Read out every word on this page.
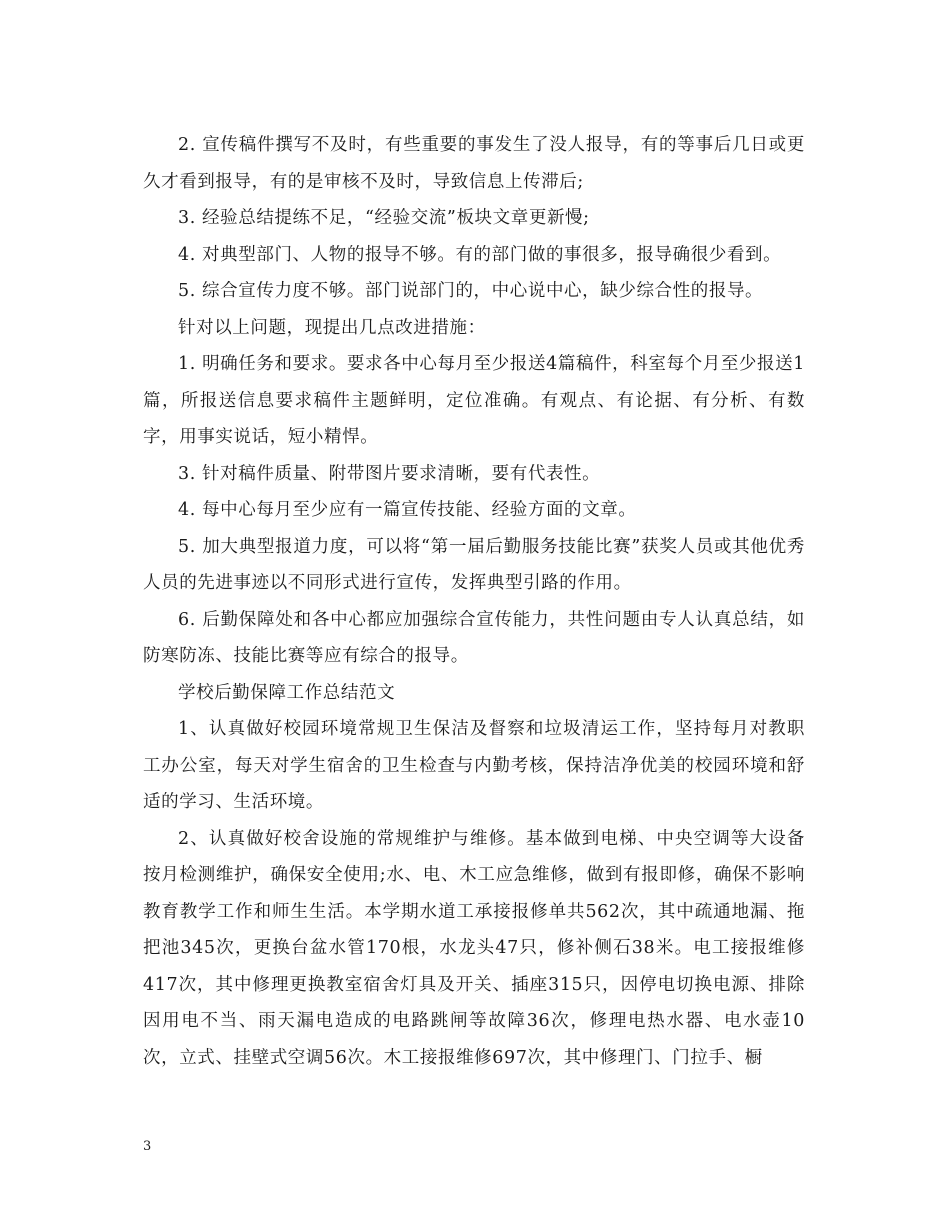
2. 宣传稿件撰写不及时，有些重要的事发生了没人报导，有的等事后几日或更久才看到报导，有的是审核不及时，导致信息上传滞后;

3. 经验总结提练不足，“经验交流”板块文章更新慢;

4. 对典型部门、人物的报导不够。有的部门做的事很多，报导确很少看到。

5. 综合宣传力度不够。部门说部门的，中心说中心，缺少综合性的报导。

针对以上问题，现提出几点改进措施：

1. 明确任务和要求。要求各中心每月至少报送4篇稿件，科室每个月至少报送1篇，所报送信息要求稿件主题鲜明，定位准确。有观点、有论据、有分析、有数字，用事实说话，短小精悍。

3. 针对稿件质量、附带图片要求清晰，要有代表性。

4. 每中心每月至少应有一篇宣传技能、经验方面的文章。

5. 加大典型报道力度，可以将“第一届后勤服务技能比赛”获奖人员或其他优秀人员的先进事迹以不同形式进行宣传，发挥典型引路的作用。

6. 后勤保障处和各中心都应加强综合宣传能力，共性问题由专人认真总结，如防寒防冻、技能比赛等应有综合的报导。

学校后勤保障工作总结范文

1、认真做好校园环境常规卫生保洁及督察和垃圾清运工作，坚持每月对教职工办公室，每天对学生宿舍的卫生检查与内勤考核，保持洁净优美的校园环境和舒适的学习、生活环境。

2、认真做好校舍设施的常规维护与维修。基本做到电梯、中央空调等大设备按月检测维护，确保安全使用;水、电、木工应急维修，做到有报即修，确保不影响教育教学工作和师生生活。本学期水道工承接报修单共562次，其中疏通地漏、拖把池345次，更换台盆水管170根，水龙头47只，修补侧石38米。电工接报维修417次，其中修理更换教室宿舍灯具及开关、插座315只，因停电切换电源、排除因用电不当、雨天漏电造成的电路跳闸等故障36次，修理电热水器、电水壶10次，立式、挂壁式空调56次。木工接报维修697次，其中修理门、门拉手、橱

3
